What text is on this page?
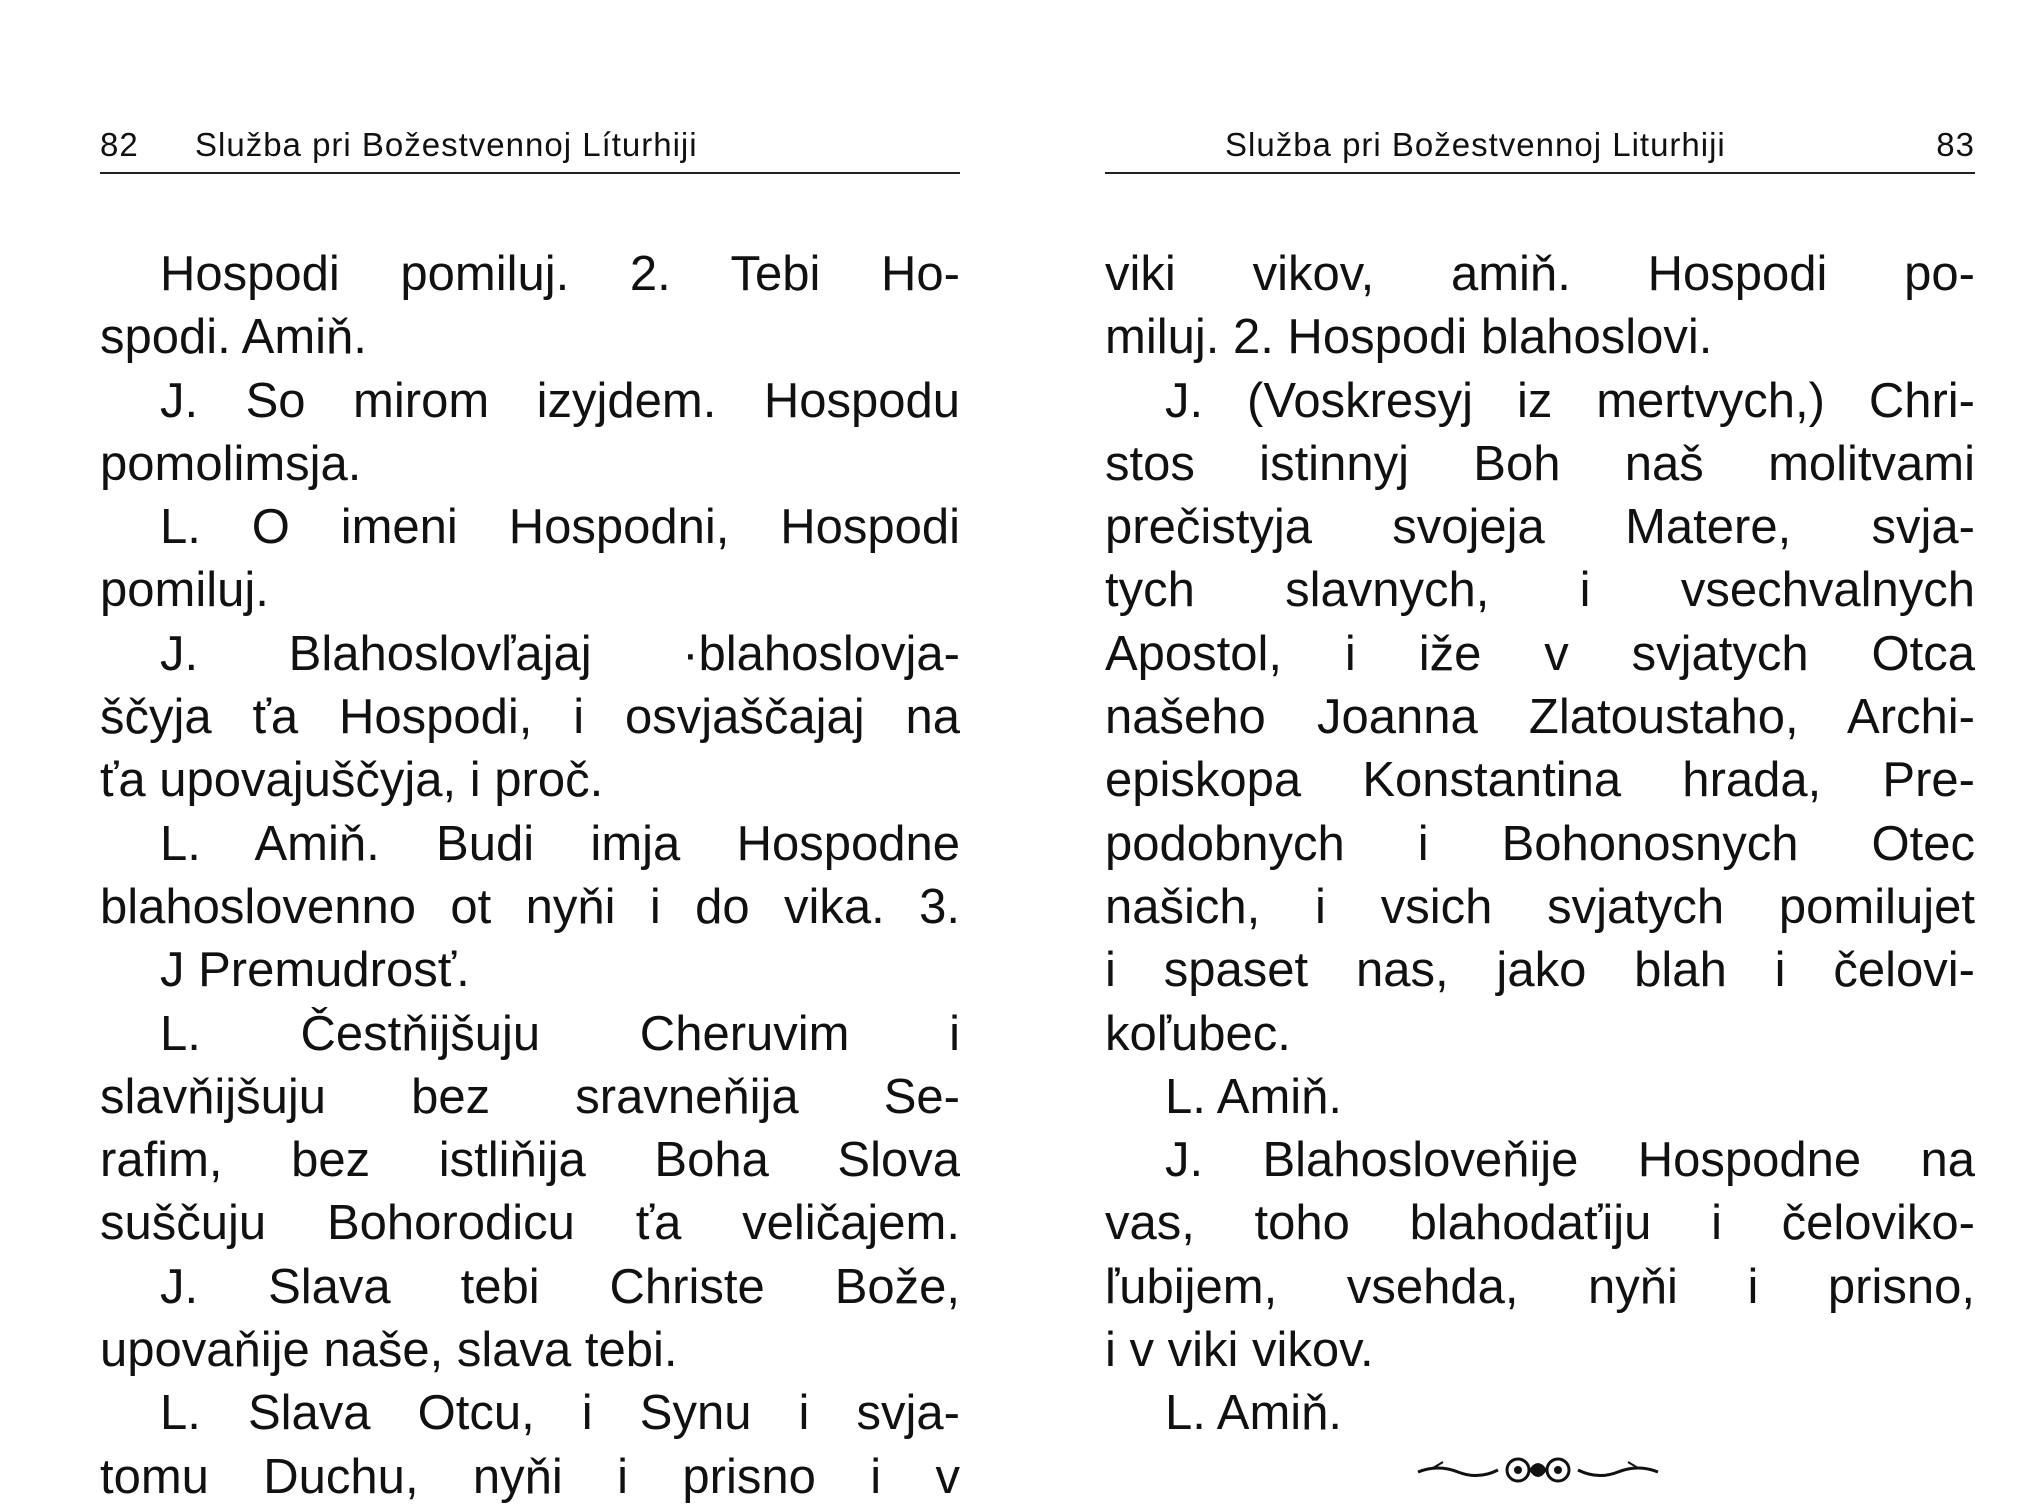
82 Služba pri Božestvennoj Líturhiji
Hospodi pomiluj. 2. Tebi Ho-
spodi. Amiň.
J. So mirom izyjdem. Hospodu
pomolimsja.
L. O imeni Hospodni, Hospodi
pomiluj.
J. Blahoslovľajaj ·blahoslovja-
ščyja ťa Hospodi, i osvjaščajaj na
ťa upovajuščyja, i proč.
L. Amiň. Budi imja Hospodne
blahoslovenno ot nyňi i do vika. 3.
J Premudrosť.
L. Čestňijšuju Cheruvim i
slavňijšuju bez sravneňija Se-
rafim, bez istliňija Boha Slova
suščuju Bohorodicu ťa veličajem.
J. Slava tebi Christe Bože,
upovaňije naše, slava tebi.
L. Slava Otcu, i Synu i svja-
tomu Duchu, nyňi i prisno i v
Služba pri Božestvennoj Liturhiji	83
viki vikov, amiň. Hospodi po-
miluj. 2. Hospodi blahoslovi.
J. (Voskresyj iz mertvych,) Chri-
stos istinnyj Boh naš molitvami
prečistyja svojeja Matere, svja-
tych slavnych, i vsechvalnych
Apostol, i iže v svjatych Otca
našeho Joanna Zlatoustaho, Archi-
episkopa Konstantina hrada, Pre-
podobnych i Bohonosnych Otec
našich, i vsich svjatych pomilujet
i spaset nas, jako blah i čelovi-
koľubec.
L. Amiň.
J. Blahosloveňije Hospodne na
vas, toho blahodaťiju i čeloviko-
ľubijem, vsehda, nyňi i prisno,
i v viki vikov.
L. Amiň.
